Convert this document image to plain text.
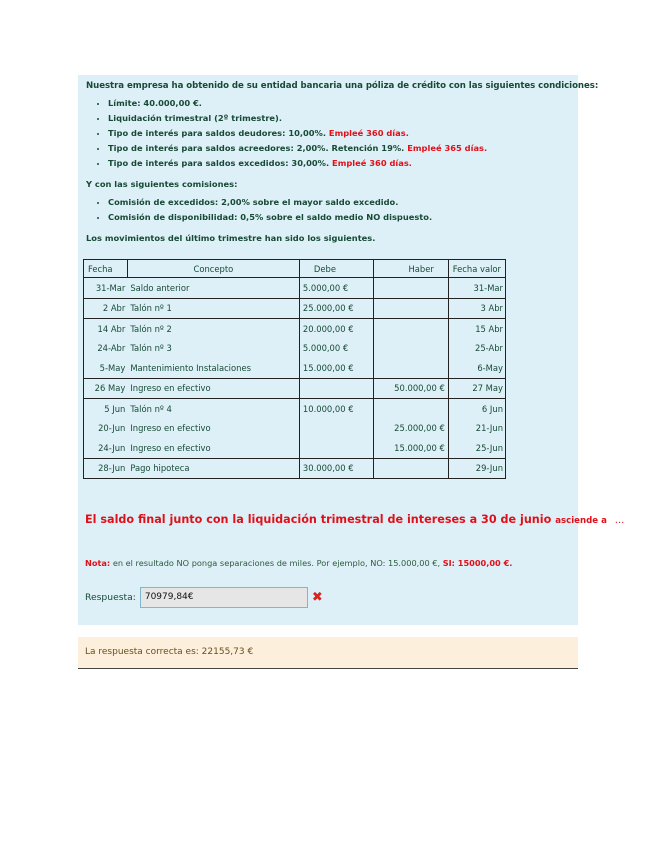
Nuestra empresa ha obtenido de su entidad bancaria una póliza de crédito con las siguientes condiciones:

• Límite: 40.000,00 €.
• Liquidación trimestral (2º trimestre).
• Tipo de interés para saldos deudores: 10,00%. Empleé 360 días.
• Tipo de interés para saldos acreedores: 2,00%. Retención 19%. Empleé 365 días.
• Tipo de interés para saldos excedidos: 30,00%. Empleé 360 días.

Y con las siguientes comisiones:

• Comisión de excedidos: 2,00% sobre el mayor saldo excedido.
• Comisión de disponibilidad: 0,5% sobre el saldo medio NO dispuesto.

Los movimientos del último trimestre han sido los siguientes.

Fecha	Concepto	Debe	Haber	Fecha valor
31-Mar	Saldo anterior	5.000,00 €		31-Mar
2 Abr	Talón nº 1	25.000,00 €		3 Abr
14 Abr	Talón nº 2	20.000,00 €		15 Abr
24-Abr	Talón nº 3	5.000,00 €		25-Abr
5-May	Mantenimiento Instalaciones	15.000,00 €		6-May
26 May	Ingreso en efectivo		50.000,00 €	27 May
5 Jun	Talón nº 4	10.000,00 €		6 Jun
20-Jun	Ingreso en efectivo		25.000,00 €	21-Jun
24-Jun	Ingreso en efectivo		15.000,00 €	25-Jun
28-Jun	Pago hipoteca	30.000,00 €		29-Jun
El saldo final junto con la liquidación trimestral de intereses a 30 de junio asciende a ...
Nota: en el resultado NO ponga separaciones de miles. Por ejemplo, NO: 15.000,00 €, SI: 15000,00 €.
Respuesta:
70979,84€	✖
La respuesta correcta es: 22155,73 €
